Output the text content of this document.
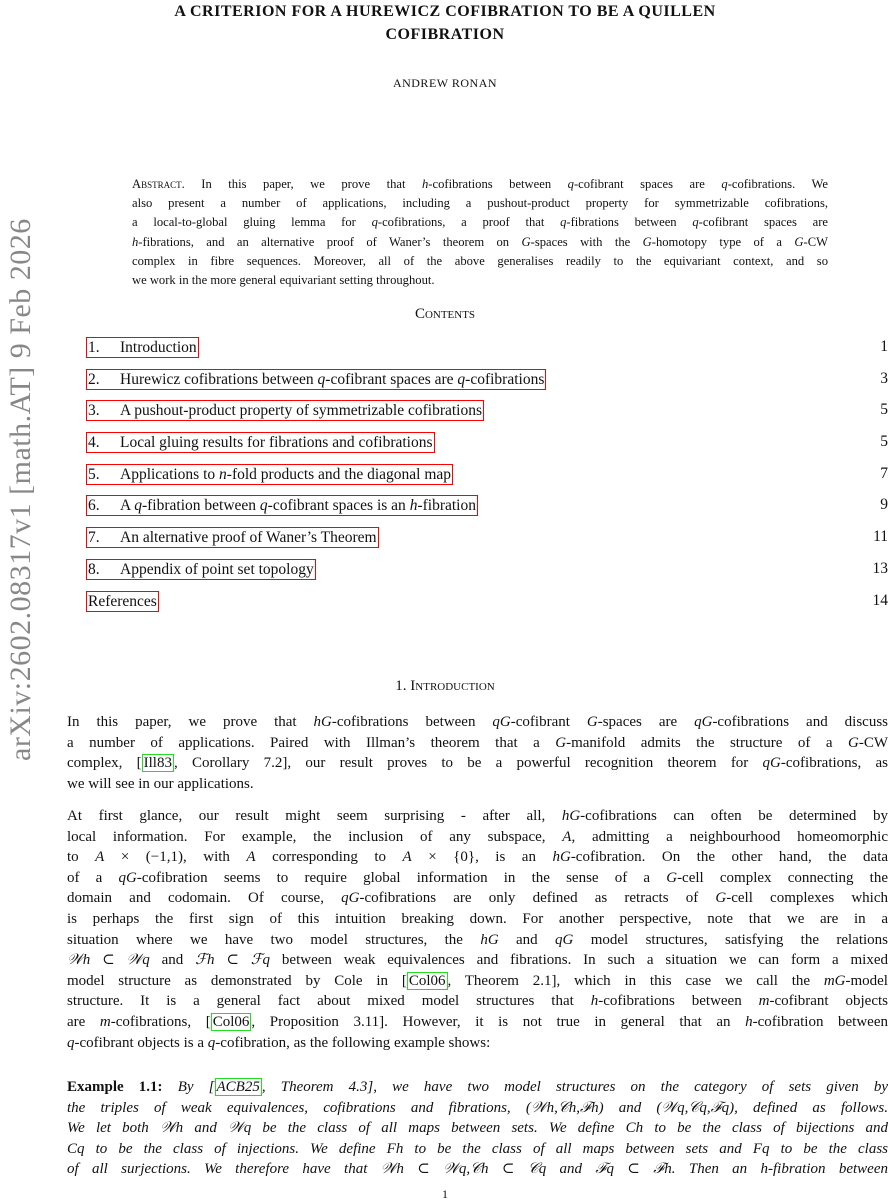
arXiv:2602.08317v1 [math.AT] 9 Feb 2026
A CRITERION FOR A HUREWICZ COFIBRATION TO BE A QUILLEN
COFIBRATION
ANDREW RONAN
Abstract. In this paper, we prove that h-cofibrations between q-cofibrant spaces are q-cofibrations. We
also present a number of applications, including a pushout-product property for symmetrizable cofibrations,
a local-to-global gluing lemma for q-cofibrations, a proof that q-fibrations between q-cofibrant spaces are
h-fibrations, and an alternative proof of Waner’s theorem on G-spaces with the G-homotopy type of a G-CW
complex in fibre sequences. Moreover, all of the above generalises readily to the equivariant context, and so
we work in the more general equivariant setting throughout.
Contents
1. Introduction	1
2. Hurewicz cofibrations between q-cofibrant spaces are q-cofibrations	3
3. A pushout-product property of symmetrizable cofibrations	5
4. Local gluing results for fibrations and cofibrations	5
5. Applications to n-fold products and the diagonal map	7
6. A q-fibration between q-cofibrant spaces is an h-fibration	9
7. An alternative proof of Waner’s Theorem	11
8. Appendix of point set topology	13
References	14
1. Introduction
In this paper, we prove that hG-cofibrations between qG-cofibrant G-spaces are qG-cofibrations and discuss
a number of applications. Paired with Illman’s theorem that a G-manifold admits the structure of a G-CW
complex, [ Ill83 , Corollary 7.2], our result proves to be a powerful recognition theorem for qG-cofibrations, as
we will see in our applications.
At first glance, our result might seem surprising - after all, hG-cofibrations can often be determined by
local information. For example, the inclusion of any subspace, A, admitting a neighbourhood homeomorphic
to A × (−1,1), with A corresponding to A × {0}, is an hG-cofibration. On the other hand, the data
of a qG-cofibration seems to require global information in the sense of a G-cell complex connecting the
domain and codomain. Of course, qG-cofibrations are only defined as retracts of G-cell complexes which
is perhaps the first sign of this intuition breaking down. For another perspective, note that we are in a
situation where we have two model structures, the hG and qG model structures, satisfying the relations
𝒲h ⊂ 𝒲q and ℱh ⊂ ℱq between weak equivalences and fibrations. In such a situation we can form a mixed
model structure as demonstrated by Cole in [ Col06 , Theorem 2.1], which in this case we call the mG-model
structure. It is a general fact about mixed model structures that h-cofibrations between m-cofibrant objects
are m-cofibrations, [ Col06 , Proposition 3.11]. However, it is not true in general that an h-cofibration between
q-cofibrant objects is a q-cofibration, as the following example shows:
Example 1.1: By [ ACB25 , Theorem 4.3], we have two model structures on the category of sets given by
the triples of weak equivalences, cofibrations and fibrations, (𝒲h,𝒞h,ℱh) and (𝒲q,𝒞q,ℱq), defined as follows.
We let both 𝒲h and 𝒲q be the class of all maps between sets. We define Ch to be the class of bijections and
Cq to be the class of injections. We define Fh to be the class of all maps between sets and Fq to be the class
of all surjections. We therefore have that 𝒲h ⊂ 𝒲q,𝒞h ⊂ 𝒞q and ℱq ⊂ ℱh. Then an h-fibration between
1
